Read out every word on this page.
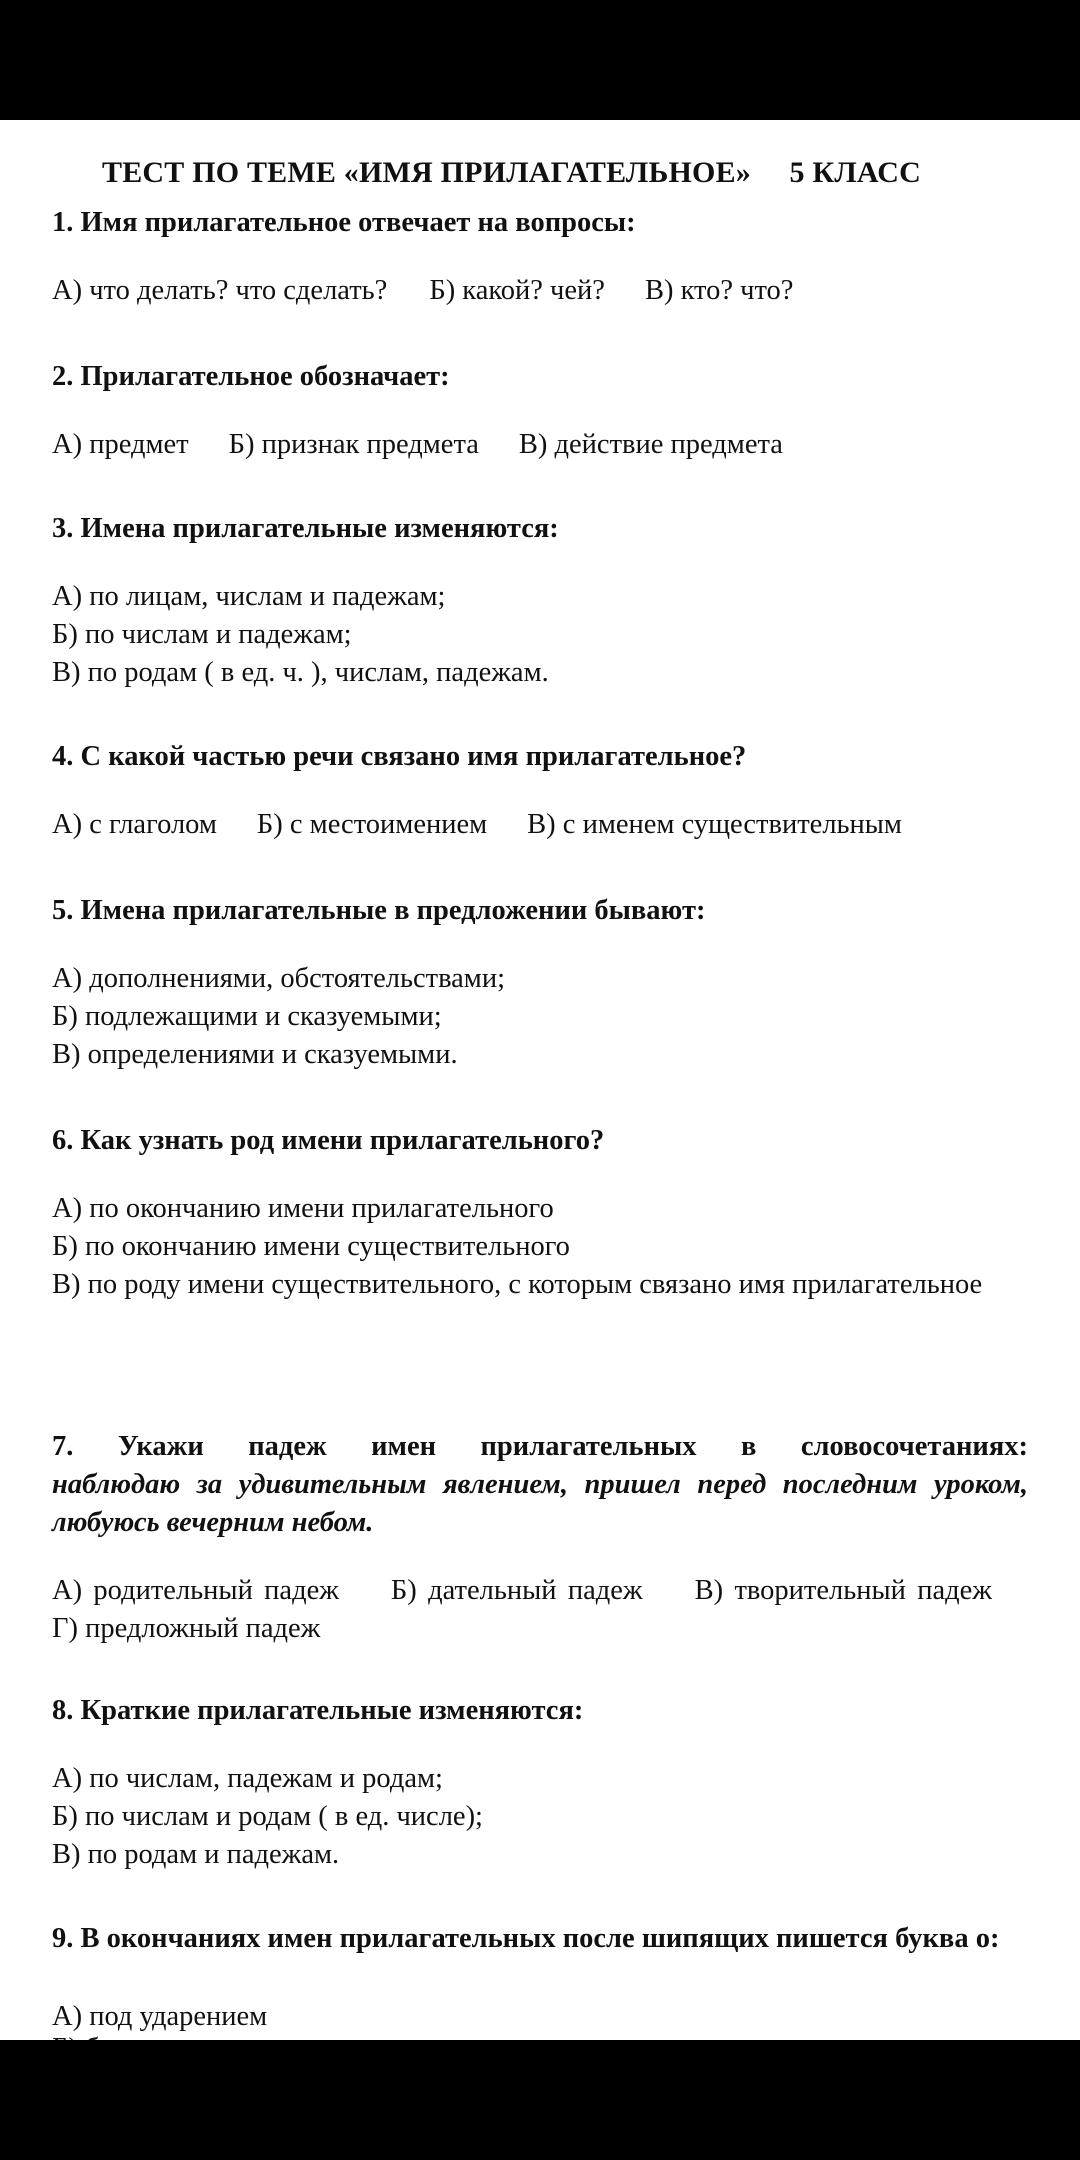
ТЕСТ ПО ТЕМЕ «ИМЯ ПРИЛАГАТЕЛЬНОЕ»     5 КЛАСС
1. Имя прилагательное отвечает на вопросы:
А) что делать? что сделать? Б) какой? чей? В) кто? что?
2. Прилагательное обозначает:
А) предмет Б) признак предмета В) действие предмета
3. Имена прилагательные изменяются:
А) по лицам, числам и падежам;
Б) по числам и падежам;
В) по родам ( в ед. ч. ), числам, падежам.
4. С какой частью речи связано имя прилагательное?
А) с глаголом Б) с местоимением В) с именем существительным
5. Имена прилагательные в предложении бывают:
А) дополнениями, обстоятельствами;
Б) подлежащими и сказуемыми;
В) определениями и сказуемыми.
6. Как узнать род имени прилагательного?
А) по окончанию имени прилагательного
Б) по окончанию имени существительного
В) по роду имени существительного, с которым связано имя прилагательное
7. Укажи падеж имен прилагательных в словосочетаниях:
наблюдаю за удивительным явлением, пришел перед последним уроком, любуюсь вечерним небом.
А) родительный падеж Б) дательный падеж В) творительный падежГ) предложный падеж
8. Краткие прилагательные изменяются:
А) по числам, падежам и родам;
Б) по числам и родам ( в ед. числе);
В) по родам и падежам.
9. В окончаниях имен прилагательных после шипящих пишется буква о:
А) под ударением
